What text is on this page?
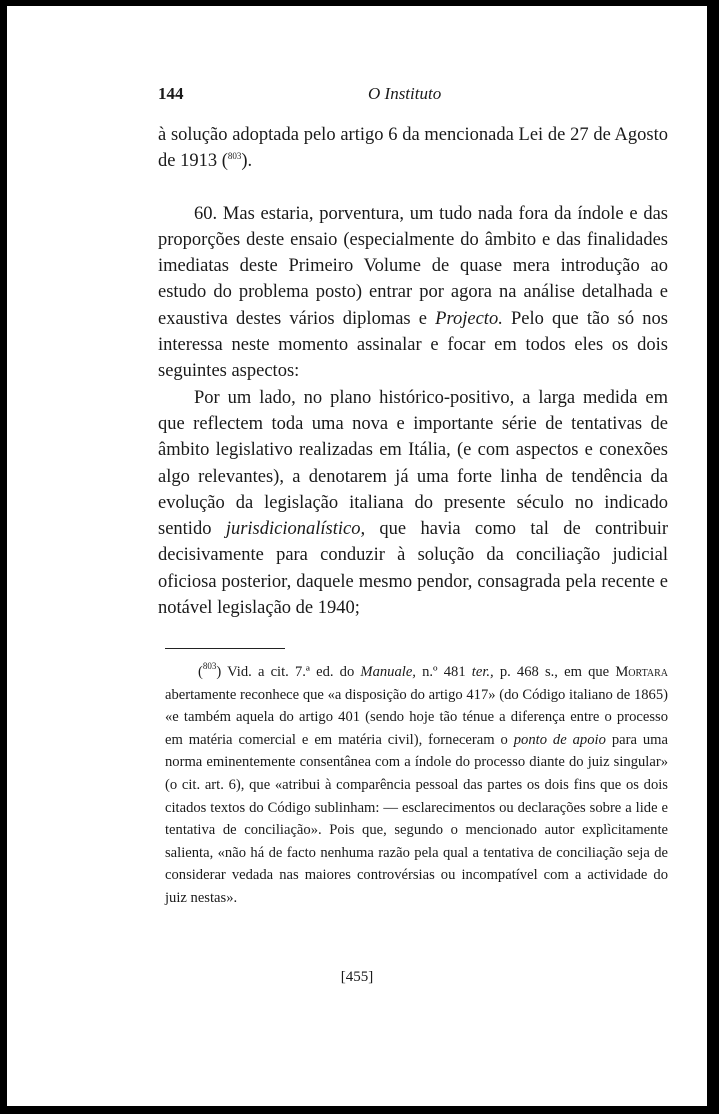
144	O Instituto

à solução adoptada pelo artigo 6 da mencionada Lei de 27 de Agosto de 1913 ($^{803}$).

60. Mas estaria, porventura, um tudo nada fora da índole e das proporções deste ensaio (especialmente do âmbito e das finalidades imediatas deste Primeiro Volume de quase mera introdução ao estudo do problema posto) entrar por agora na análise detalhada e exaustiva destes vários diplomas e Projecto. Pelo que tão só nos interessa neste momento assinalar e focar em todos eles os dois seguintes aspectos:

Por um lado, no plano histórico-positivo, a larga medida em que reflectem toda uma nova e importante série de tentativas de âmbito legislativo realizadas em Itália, (e com aspectos e conexões algo relevantes), a denotarem já uma forte linha de tendência da evolução da legislação italiana do presente século no indicado sentido jurisdicionalístico, que havia como tal de contribuir decisivamente para conduzir à solução da conciliação judicial oficiosa posterior, daquele mesmo pendor, consagrada pela recente e notável legislação de 1940;

($^{803}$) Vid. a cit. 7.ª ed. do Manuale, n.º 481 ter., p. 468 s., em que Mortara abertamente reconhece que «a disposição do artigo 417» (do Código italiano de 1865) «e também aquela do artigo 401 (sendo hoje tão ténue a diferença entre o processo em matéria comercial e em matéria civil), forneceram o ponto de apoio para uma norma eminentemente consentânea com a índole do processo diante do juiz singular» (o cit. art. 6), que «atribui à comparência pessoal das partes os dois fins que os dois citados textos do Código sublinham: — esclarecimentos ou declarações sobre a lide e tentativa de conciliação». Pois que, segundo o mencionado autor explìcitamente salienta, «não há de facto nenhuma razão pela qual a tentativa de conciliação seja de considerar vedada nas maiores controvérsias ou incompatível com a actividade do juiz nestas».

[455]
